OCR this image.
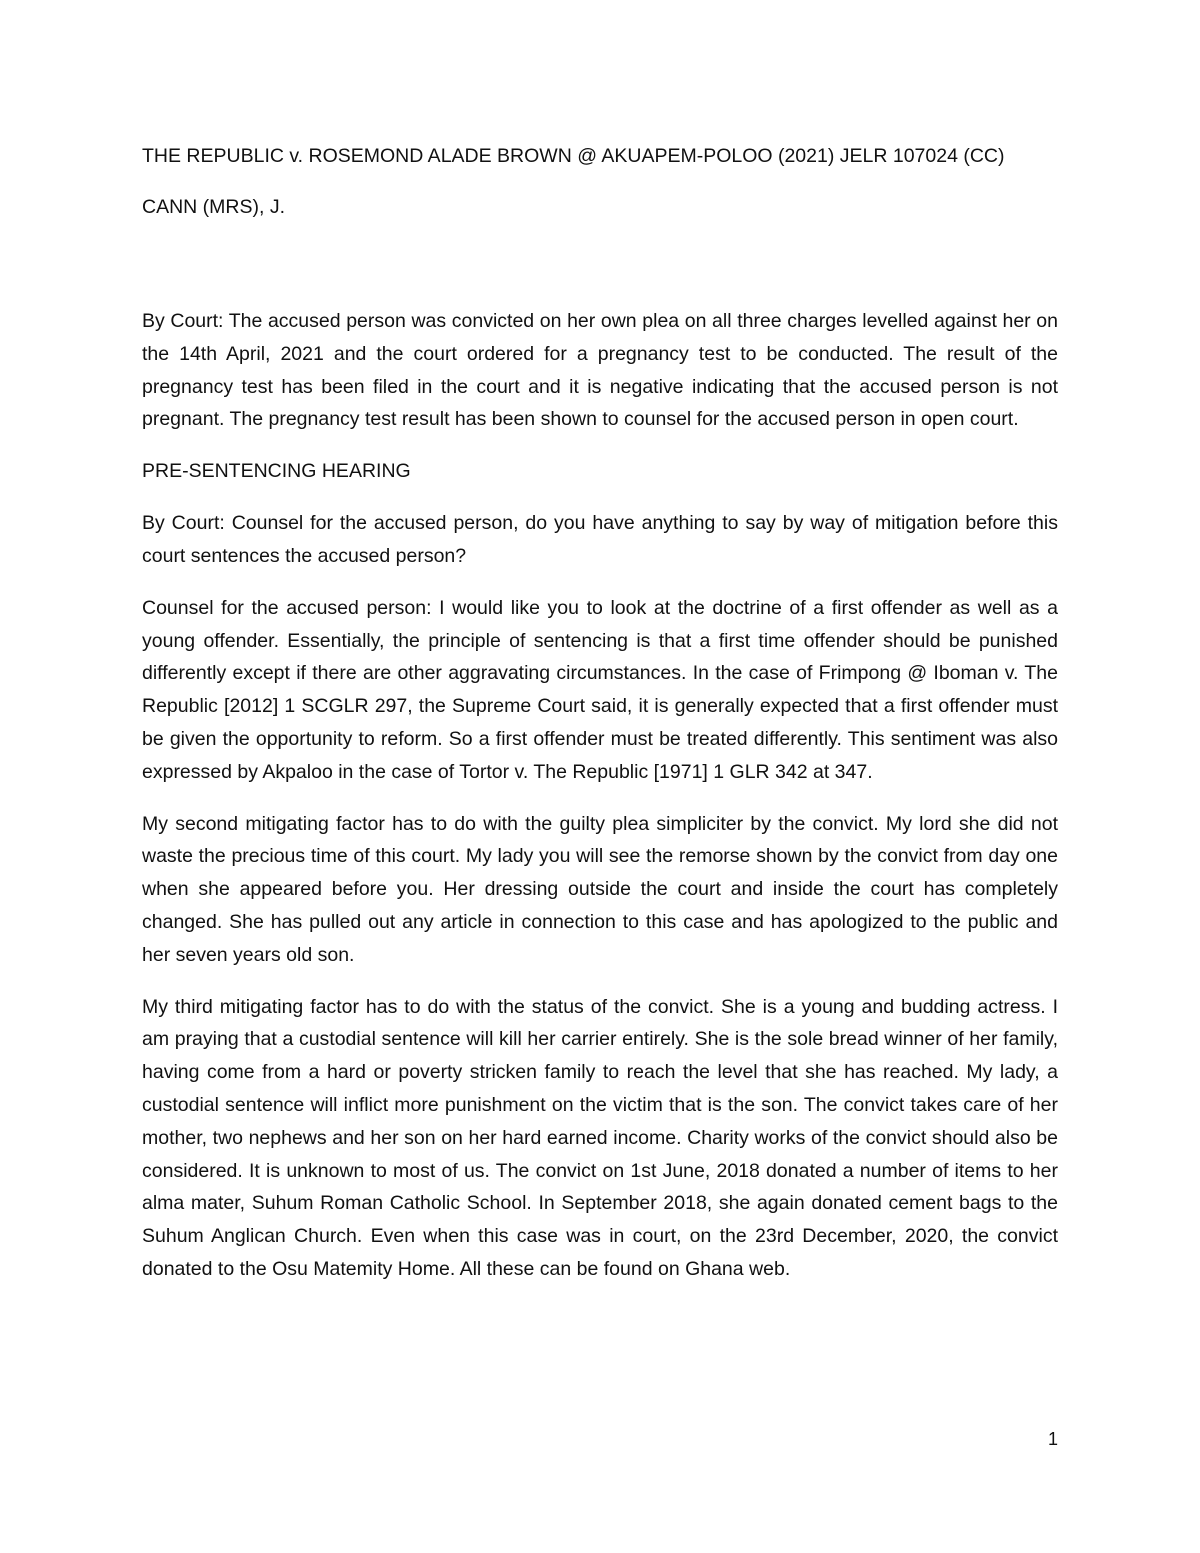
THE REPUBLIC v. ROSEMOND ALADE BROWN @ AKUAPEM-POLOO (2021) JELR 107024 (CC)

CANN (MRS), J.

By Court: The accused person was convicted on her own plea on all three charges levelled against her on the 14th April, 2021 and the court ordered for a pregnancy test to be conducted. The result of the pregnancy test has been filed in the court and it is negative indicating that the accused person is not pregnant. The pregnancy test result has been shown to counsel for the accused person in open court.

PRE-SENTENCING HEARING

By Court: Counsel for the accused person, do you have anything to say by way of mitigation before this court sentences the accused person?

Counsel for the accused person: I would like you to look at the doctrine of a first offender as well as a young offender. Essentially, the principle of sentencing is that a first time offender should be punished differently except if there are other aggravating circumstances. In the case of Frimpong @ Iboman v. The Republic [2012] 1 SCGLR 297, the Supreme Court said, it is generally expected that a first offender must be given the opportunity to reform. So a first offender must be treated differently. This sentiment was also expressed by Akpaloo in the case of Tortor v. The Republic [1971] 1 GLR 342 at 347.

My second mitigating factor has to do with the guilty plea simpliciter by the convict. My lord she did not waste the precious time of this court. My lady you will see the remorse shown by the convict from day one when she appeared before you. Her dressing outside the court and inside the court has completely changed. She has pulled out any article in connection to this case and has apologized to the public and her seven years old son.

My third mitigating factor has to do with the status of the convict. She is a young and budding actress. I am praying that a custodial sentence will kill her carrier entirely. She is the sole bread winner of her family, having come from a hard or poverty stricken family to reach the level that she has reached. My lady, a custodial sentence will inflict more punishment on the victim that is the son. The convict takes care of her mother, two nephews and her son on her hard earned income. Charity works of the convict should also be considered. It is unknown to most of us. The convict on 1st June, 2018 donated a number of items to her alma mater, Suhum Roman Catholic School. In September 2018, she again donated cement bags to the Suhum Anglican Church. Even when this case was in court, on the 23rd December, 2020, the convict donated to the Osu Matemity Home. All these can be found on Ghana web.

1
